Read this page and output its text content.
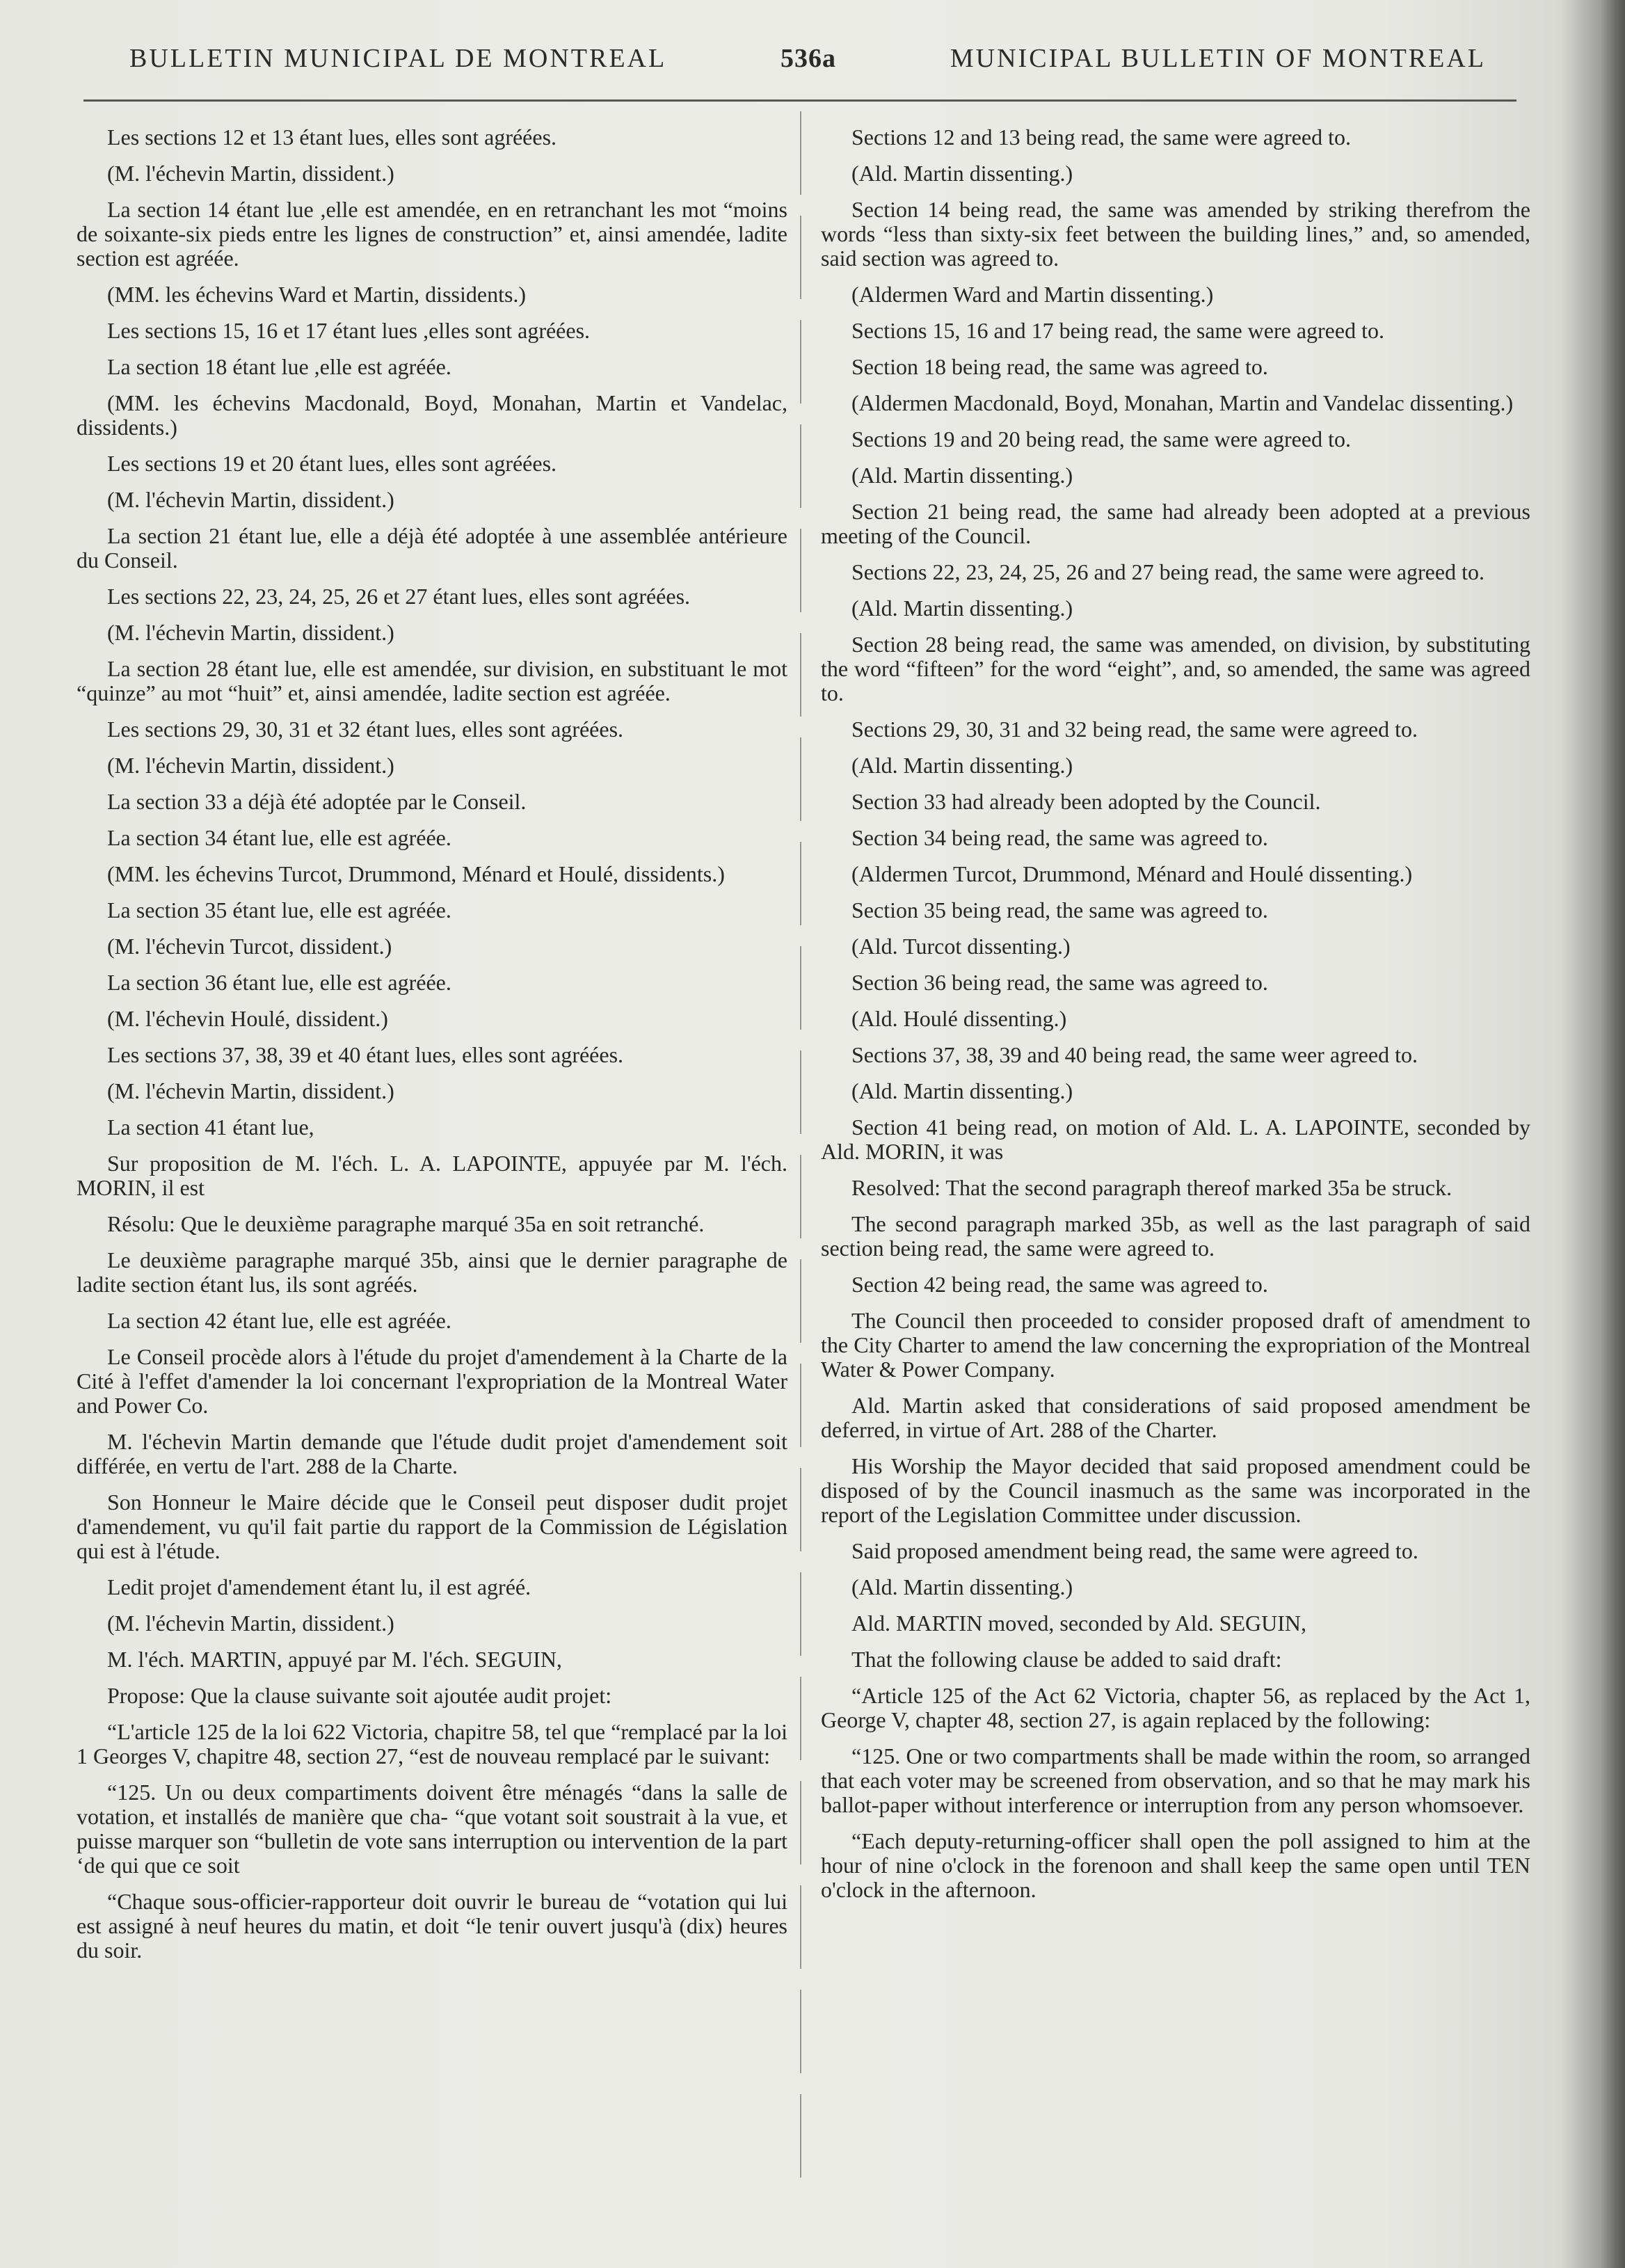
BULLETIN MUNICIPAL DE MONTREAL	536a	MUNICIPAL BULLETIN OF MONTREAL

Les sections 12 et 13 étant lues, elles sont agréées.

(M. l'échevin Martin, dissident.)

La section 14 étant lue ,elle est amendée, en en retranchant les mot “moins de soixante-six pieds entre les lignes de construction” et, ainsi amendée, ladite section est agréée.

(MM. les échevins Ward et Martin, dissidents.)

Les sections 15, 16 et 17 étant lues ,elles sont agréées.

La section 18 étant lue ,elle est agréée.

(MM. les échevins Macdonald, Boyd, Monahan, Martin et Vandelac, dissidents.)

Les sections 19 et 20 étant lues, elles sont agréées.

(M. l'échevin Martin, dissident.)

La section 21 étant lue, elle a déjà été adoptée à une assemblée antérieure du Conseil.

Les sections 22, 23, 24, 25, 26 et 27 étant lues, elles sont agréées.

(M. l'échevin Martin, dissident.)

La section 28 étant lue, elle est amendée, sur division, en substituant le mot “quinze” au mot “huit” et, ainsi amendée, ladite section est agréée.

Les sections 29, 30, 31 et 32 étant lues, elles sont agréées.

(M. l'échevin Martin, dissident.)

La section 33 a déjà été adoptée par le Conseil.

La section 34 étant lue, elle est agréée.

(MM. les échevins Turcot, Drummond, Ménard et Houlé, dissidents.)

La section 35 étant lue, elle est agréée.

(M. l'échevin Turcot, dissident.)

La section 36 étant lue, elle est agréée.

(M. l'échevin Houlé, dissident.)

Les sections 37, 38, 39 et 40 étant lues, elles sont agréées.

(M. l'échevin Martin, dissident.)

La section 41 étant lue,

Sur proposition de M. l'éch. L. A. LAPOINTE, appuyée par M. l'éch. MORIN, il est

Résolu: Que le deuxième paragraphe marqué 35a en soit retranché.

Le deuxième paragraphe marqué 35b, ainsi que le dernier paragraphe de ladite section étant lus, ils sont agréés.

La section 42 étant lue, elle est agréée.

Le Conseil procède alors à l'étude du projet d'amendement à la Charte de la Cité à l'effet d'amender la loi concernant l'expropriation de la Montreal Water and Power Co.

M. l'échevin Martin demande que l'étude dudit projet d'amendement soit différée, en vertu de l'art. 288 de la Charte.

Son Honneur le Maire décide que le Conseil peut disposer dudit projet d'amendement, vu qu'il fait partie du rapport de la Commission de Législation qui est à l'étude.

Ledit projet d'amendement étant lu, il est agréé.

(M. l'échevin Martin, dissident.)

M. l'éch. MARTIN, appuyé par M. l'éch. SEGUIN,

Propose: Que la clause suivante soit ajoutée audit projet:

“L'article 125 de la loi 622 Victoria, chapitre 58, tel que “remplacé par la loi 1 Georges V, chapitre 48, section 27, “est de nouveau remplacé par le suivant:

“125. Un ou deux compartiments doivent être ménagés “dans la salle de votation, et installés de manière que cha- “que votant soit soustrait à la vue, et puisse marquer son “bulletin de vote sans interruption ou intervention de la part ‘de qui que ce soit

“Chaque sous-officier-rapporteur doit ouvrir le bureau de “votation qui lui est assigné à neuf heures du matin, et doit “le tenir ouvert jusqu'à (dix) heures du soir.

Sections 12 and 13 being read, the same were agreed to.

(Ald. Martin dissenting.)

Section 14 being read, the same was amended by striking therefrom the words “less than sixty-six feet between the building lines,” and, so amended, said section was agreed to.

(Aldermen Ward and Martin dissenting.)

Sections 15, 16 and 17 being read, the same were agreed to.

Section 18 being read, the same was agreed to.

(Aldermen Macdonald, Boyd, Monahan, Martin and Vandelac dissenting.)

Sections 19 and 20 being read, the same were agreed to.

(Ald. Martin dissenting.)

Section 21 being read, the same had already been adopted at a previous meeting of the Council.

Sections 22, 23, 24, 25, 26 and 27 being read, the same were agreed to.

(Ald. Martin dissenting.)

Section 28 being read, the same was amended, on division, by substituting the word “fifteen” for the word “eight”, and, so amended, the same was agreed to.

Sections 29, 30, 31 and 32 being read, the same were agreed to.

(Ald. Martin dissenting.)

Section 33 had already been adopted by the Council.

Section 34 being read, the same was agreed to.

(Aldermen Turcot, Drummond, Ménard and Houlé dissenting.)

Section 35 being read, the same was agreed to.

(Ald. Turcot dissenting.)

Section 36 being read, the same was agreed to.

(Ald. Houlé dissenting.)

Sections 37, 38, 39 and 40 being read, the same weer agreed to.

(Ald. Martin dissenting.)

Section 41 being read, on motion of Ald. L. A. LAPOINTE, seconded by Ald. MORIN, it was

Resolved: That the second paragraph thereof marked 35a be struck.

The second paragraph marked 35b, as well as the last paragraph of said section being read, the same were agreed to.

Section 42 being read, the same was agreed to.

The Council then proceeded to consider proposed draft of amendment to the City Charter to amend the law concerning the expropriation of the Montreal Water & Power Company.

Ald. Martin asked that considerations of said proposed amendment be deferred, in virtue of Art. 288 of the Charter.

His Worship the Mayor decided that said proposed amendment could be disposed of by the Council inasmuch as the same was incorporated in the report of the Legislation Committee under discussion.

Said proposed amendment being read, the same were agreed to.

(Ald. Martin dissenting.)

Ald. MARTIN moved, seconded by Ald. SEGUIN,

That the following clause be added to said draft:

“Article 125 of the Act 62 Victoria, chapter 56, as replaced by the Act 1, George V, chapter 48, section 27, is again replaced by the following:

“125. One or two compartments shall be made within the room, so arranged that each voter may be screened from observation, and so that he may mark his ballot-paper without interference or interruption from any person whomsoever.

“Each deputy-returning-officer shall open the poll assigned to him at the hour of nine o'clock in the forenoon and shall keep the same open until TEN o'clock in the afternoon.
